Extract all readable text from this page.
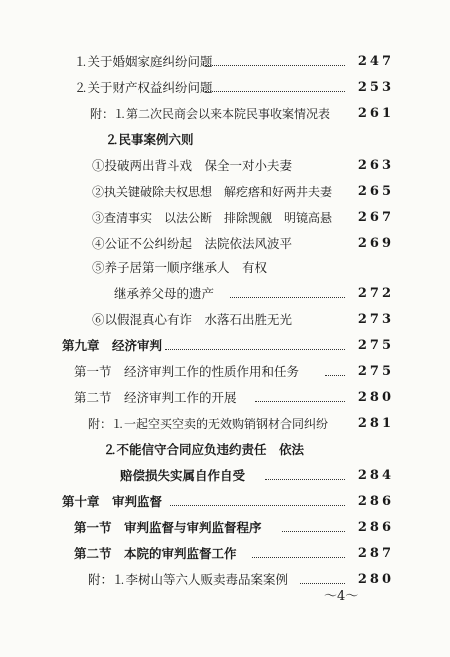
⒈关于婚姻家庭纠纷问题	247
⒉关于财产权益纠纷问题	253
附：⒈第二次民商会以来本院民事收案情况表	261
⒉民事案例六则
①投破两出背斗戏　保全一对小夫妻	263
②执关键破除夫权思想　解疙瘩和好两井夫妻	265
③查清事实　以法公断　排除觊觎　明镜高悬	267
④公证不公纠纷起　法院依法风波平	269
⑤养子居第一顺序继承人　有权
继承养父母的遗产	272
⑥以假混真心有诈　水落石出胜无光	273
第九章　经济审判	275
第一节　经济审判工作的性质作用和任务	275
第二节　经济审判工作的开展	280
附：⒈一起空买空卖的无效购销钢材合同纠纷	281
⒉不能信守合同应负违约责任　依法
赔偿损失实属自作自受	284
第十章　审判监督	286
第一节　审判监督与审判监督程序	286
第二节　本院的审判监督工作	287
附：⒈李树山等六人贩卖毒品案案例	280
～4～
